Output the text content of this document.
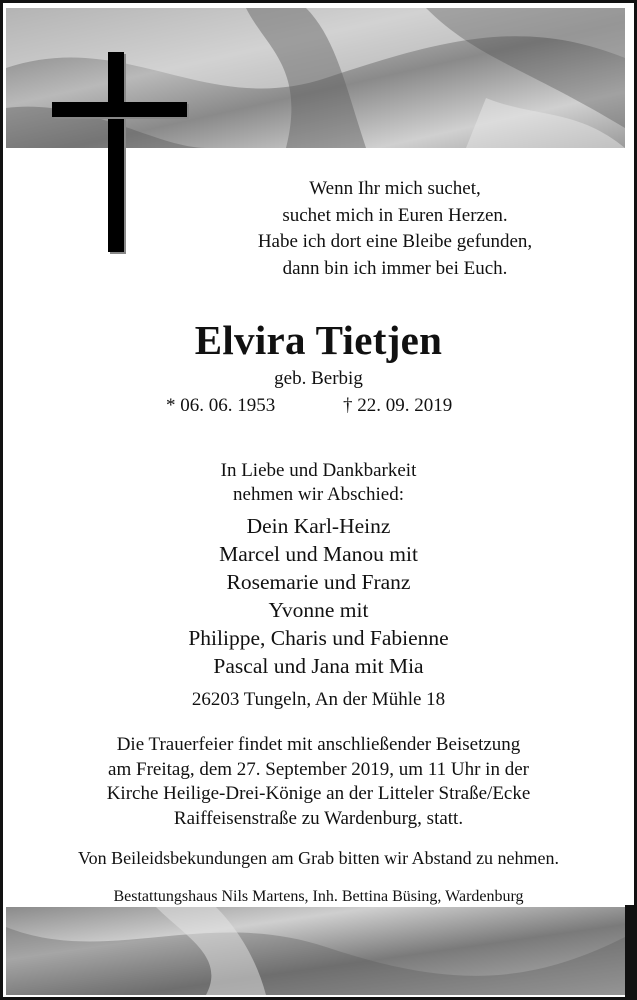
Wenn Ihr mich suchet,
suchet mich in Euren Herzen.
Habe ich dort eine Bleibe gefunden,
dann bin ich immer bei Euch.
Elvira Tietjen
geb. Berbig
* 06. 06. 1953	† 22. 09. 2019
In Liebe und Dankbarkeit
nehmen wir Abschied:
Dein Karl-Heinz
Marcel und Manou mit
Rosemarie und Franz
Yvonne mit
Philippe, Charis und Fabienne
Pascal und Jana mit Mia
26203 Tungeln, An der Mühle 18
Die Trauerfeier findet mit anschließender Beisetzung
am Freitag, dem 27. September 2019, um 11 Uhr in der
Kirche Heilige-Drei-Könige an der Litteler Straße/Ecke
Raiffeisenstraße zu Wardenburg, statt.
Von Beileidsbekundungen am Grab bitten wir Abstand zu nehmen.
Bestattungshaus Nils Martens, Inh. Bettina Büsing, Wardenburg
